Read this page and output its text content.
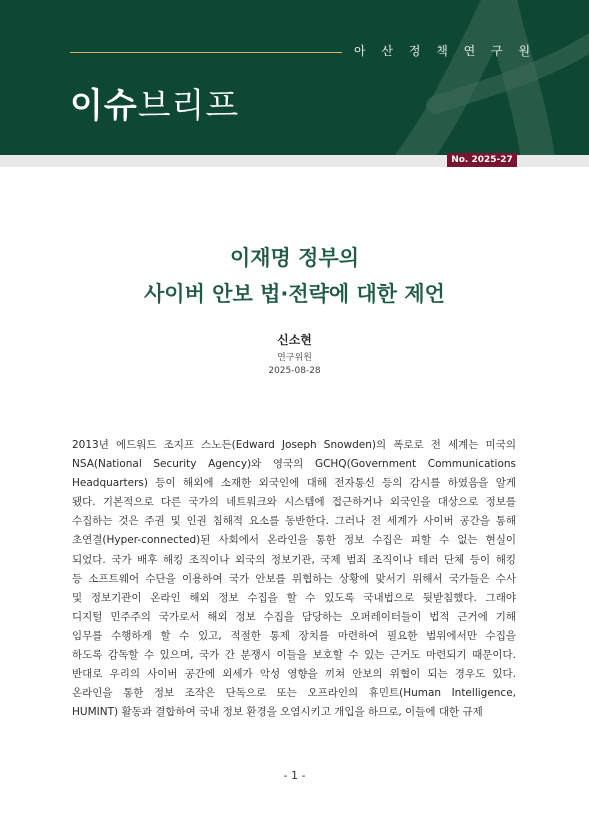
아 산 정 책 연 구 원
이슈브리프
No. 2025-27
이재명 정부의
사이버 안보 법·전략에 대한 제언
신소현
연구위원
2025-08-28
2013년 에드워드 조지프 스노든(Edward Joseph Snowden)의 폭로로 전 세계는 미국의
NSA(National Security Agency)와 영국의 GCHQ(Government Communications
Headquarters) 등이 해외에 소재한 외국인에 대해 전자통신 등의 감시를 하였음을 알게
됐다. 기본적으로 다른 국가의 네트워크와 시스템에 접근하거나 외국인을 대상으로 정보를
수집하는 것은 주권 및 인권 침해적 요소를 동반한다. 그러나 전 세계가 사이버 공간을 통해
초연결(Hyper-connected)된 사회에서 온라인을 통한 정보 수집은 피할 수 없는 현실이
되었다. 국가 배후 해킹 조직이나 외국의 정보기관, 국제 범죄 조직이나 테러 단체 등이 해킹
등 소프트웨어 수단을 이용하여 국가 안보를 위협하는 상황에 맞서기 위해서 국가들은 수사
및 정보기관이 온라인 해외 정보 수집을 할 수 있도록 국내법으로 뒷받침했다. 그래야
디지털 민주주의 국가로서 해외 정보 수집을 담당하는 오퍼레이터들이 법적 근거에 기해
임무를 수행하게 할 수 있고, 적절한 통제 장치를 마련하여 필요한 범위에서만 수집을
하도록 감독할 수 있으며, 국가 간 분쟁시 이들을 보호할 수 있는 근거도 마련되기 때문이다.
반대로 우리의 사이버 공간에 외세가 악성 영향을 끼쳐 안보의 위협이 되는 경우도 있다.
온라인을 통한 정보 조작은 단독으로 또는 오프라인의 휴민트(Human Intelligence,
HUMINT) 활동과 결합하여 국내 정보 환경을 오염시키고 개입을 하므로, 이들에 대한 규제
- 1 -
